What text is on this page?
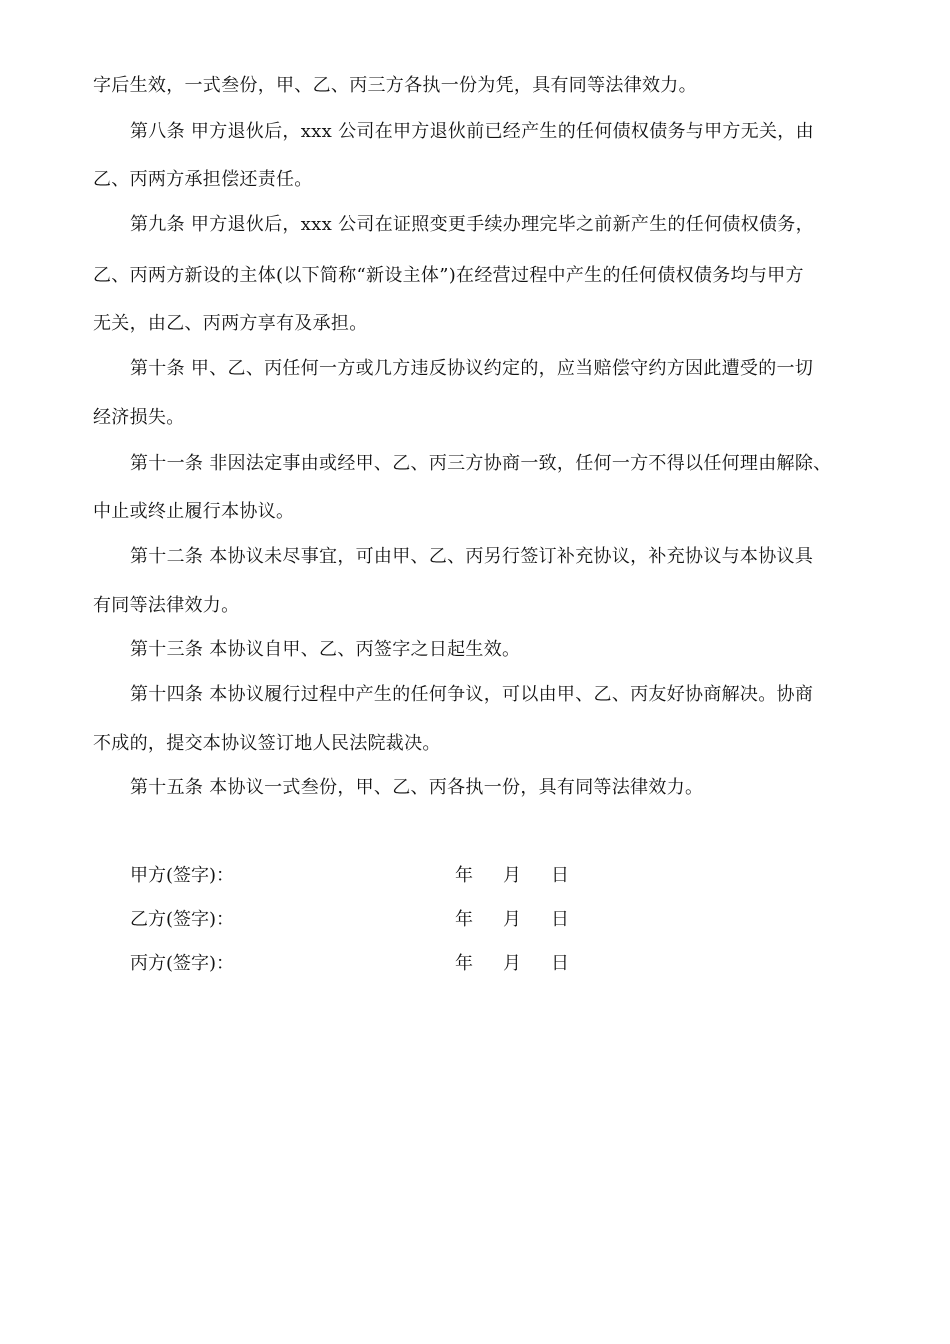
字后生效，一式叁份，甲、乙、丙三方各执一份为凭，具有同等法律效力。
第八条 甲方退伙后，xxx 公司在甲方退伙前已经产生的任何债权债务与甲方无关，由
乙、丙两方承担偿还责任。
第九条 甲方退伙后，xxx 公司在证照变更手续办理完毕之前新产生的任何债权债务，
乙、丙两方新设的主体(以下简称“新设主体”)在经营过程中产生的任何债权债务均与甲方
无关，由乙、丙两方享有及承担。
第十条 甲、乙、丙任何一方或几方违反协议约定的，应当赔偿守约方因此遭受的一切
经济损失。
第十一条 非因法定事由或经甲、乙、丙三方协商一致，任何一方不得以任何理由解除、
中止或终止履行本协议。
第十二条 本协议未尽事宜，可由甲、乙、丙另行签订补充协议，补充协议与本协议具
有同等法律效力。
第十三条 本协议自甲、乙、丙签字之日起生效。
第十四条 本协议履行过程中产生的任何争议，可以由甲、乙、丙友好协商解决。协商
不成的，提交本协议签订地人民法院裁决。
第十五条 本协议一式叁份，甲、乙、丙各执一份，具有同等法律效力。
甲方(签字)：	年 月 日
乙方(签字)：	年 月 日
丙方(签字)：	年 月 日
